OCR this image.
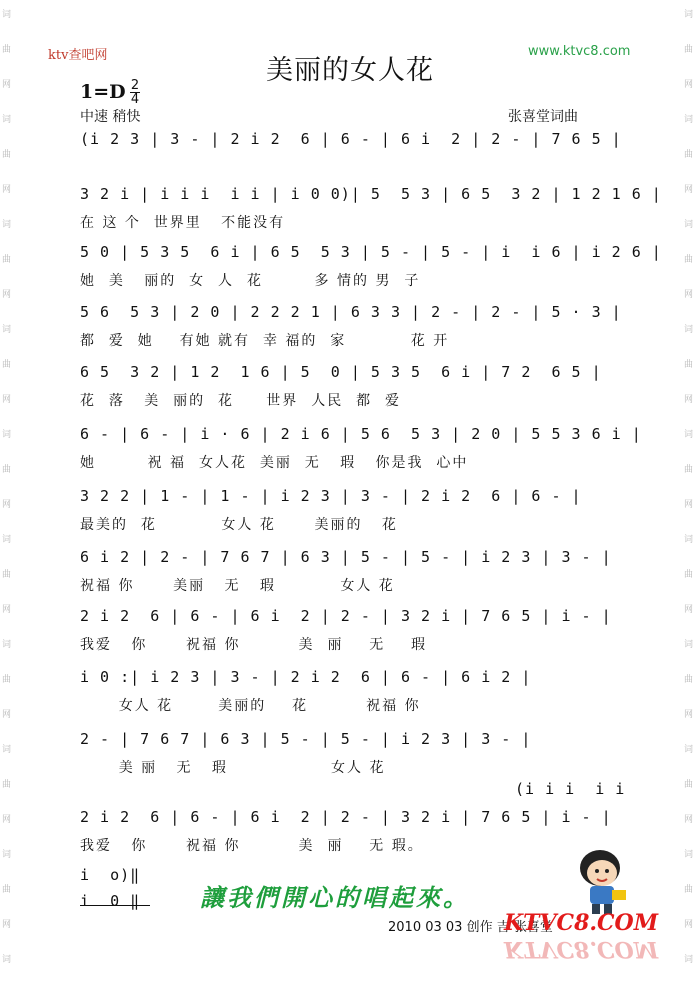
词
曲
网
词
曲
网
词
曲
网
词
曲
网
词
曲
网
词
曲
网
词
曲
网
词
曲
网
词
曲
网
词
词
曲
网
词
曲
网
词
曲
网
词
曲
网
词
曲
网
词
曲
网
词
曲
网
词
曲
网
词
曲
网
词
ktv查吧网	www.ktvc8.com
美丽的女人花
1=D 2
4
中速 稍快	张喜堂词曲
(i 2 3 | 3 - | 2 i 2  6 | 6 - | 6 i  2 | 2 - | 7 6 5 |
3 2 i | i i i  i i | i 0 0)| 5  5 3 | 6 5  3 2 | 1 2 1 6 |
在 这 个  世界里   不能没有
5 0 | 5 3 5  6 i | 6 5  5 3 | 5 - | 5 - | i  i 6 | i 2 6 |
她  美   丽的  女  人  花        多 情的 男  子
5 6  5 3 | 2 0 | 2 2 2 1 | 6 3 3 | 2 - | 2 - | 5 · 3 |
都  爱  她    有她 就有  幸 福的  家          花 开
6 5  3 2 | 1 2  1 6 | 5  0 | 5 3 5  6 i | 7 2  6 5 |
花  落   美  丽的  花     世界  人民  都  爱
6 - | 6 - | i · 6 | 2 i 6 | 5 6  5 3 | 2 0 | 5 5 3 6 i |
她        祝 福  女人花  美丽  无   瑕   你是我  心中
3 2 2 | 1 - | 1 - | i 2 3 | 3 - | 2 i 2  6 | 6 - |
最美的  花          女人 花      美丽的   花
6 i 2 | 2 - | 7 6 7 | 6 3 | 5 - | 5 - | i 2 3 | 3 - |
祝福 你      美丽   无   瑕          女人 花
2 i 2  6 | 6 - | 6 i  2 | 2 - | 3 2 i | 7 6 5 | i - |
我爱   你      祝福 你         美  丽    无    瑕
i 0 :| i 2 3 | 3 - | 2 i 2  6 | 6 - | 6 i 2 |
女人 花       美丽的    花         祝福 你
2 - | 7 6 7 | 6 3 | 5 - | 5 - | i 2 3 | 3 - |
美 丽   无   瑕                女人 花
2 i 2  6 | 6 - | 6 i  2 | 2 - | 3 2 i | 7 6 5 | i - |
我爱   你      祝福 你         美  丽    无 瑕。
(i i i  i i
i  o)‖
i  0 ‖	讓我們開心的唱起來。
2010 03 03 创作 吉 张喜堂
KTVC8.COM
KTVC8.COM
